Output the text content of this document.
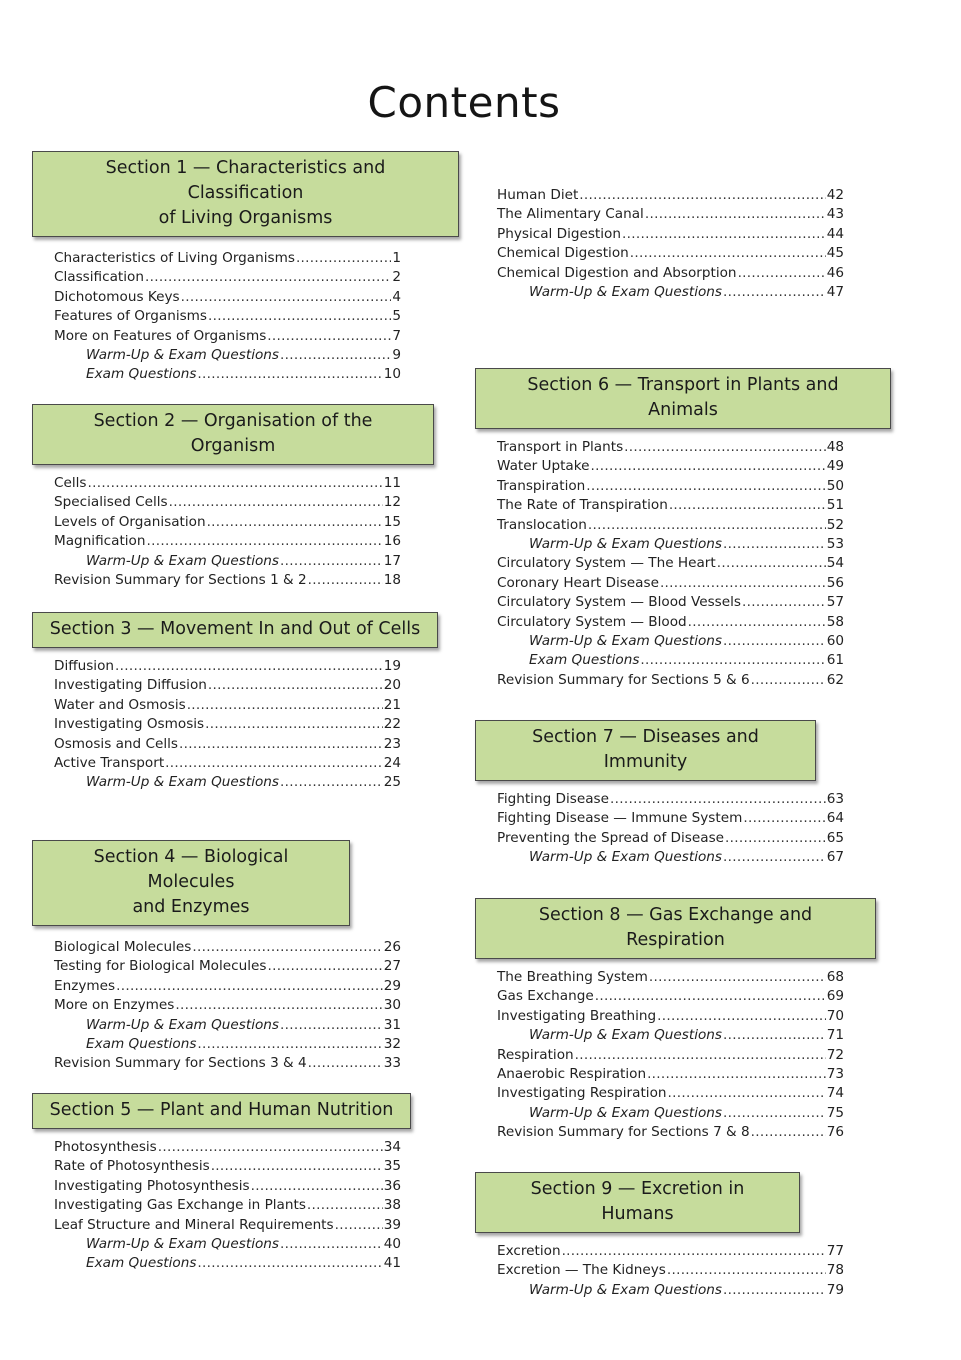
Contents
Section 1 — Characteristics and Classification
of Living Organisms
Characteristics of Living Organisms .....	1
Classification .....	2
Dichotomous Keys .....	4
Features of Organisms .....	5
More on Features of Organisms .....	7
Warm-Up & Exam Questions .....	9
Exam Questions .....	10
Section 2 — Organisation of the Organism
Cells .....	11
Specialised Cells .....	12
Levels of Organisation .....	15
Magnification .....	16
Warm-Up & Exam Questions .....	17
Revision Summary for Sections 1 & 2 .....	18
Section 3 — Movement In and Out of Cells
Diffusion .....	19
Investigating Diffusion .....	20
Water and Osmosis .....	21
Investigating Osmosis .....	22
Osmosis and Cells .....	23
Active Transport .....	24
Warm-Up & Exam Questions .....	25
Section 4 — Biological Molecules
and Enzymes
Biological Molecules .....	26
Testing for Biological Molecules .....	27
Enzymes .....	29
More on Enzymes .....	30
Warm-Up & Exam Questions .....	31
Exam Questions .....	32
Revision Summary for Sections 3 & 4 .....	33
Section 5 — Plant and Human Nutrition
Photosynthesis .....	34
Rate of Photosynthesis .....	35
Investigating Photosynthesis .....	36
Investigating Gas Exchange in Plants .....	38
Leaf Structure and Mineral Requirements .....	39
Warm-Up & Exam Questions .....	40
Exam Questions .....	41
Human Diet .....	42
The Alimentary Canal .....	43
Physical Digestion .....	44
Chemical Digestion .....	45
Chemical Digestion and Absorption .....	46
Warm-Up & Exam Questions .....	47
Section 6 — Transport in Plants and Animals
Transport in Plants .....	48
Water Uptake .....	49
Transpiration .....	50
The Rate of Transpiration .....	51
Translocation .....	52
Warm-Up & Exam Questions .....	53
Circulatory System — The Heart .....	54
Coronary Heart Disease .....	56
Circulatory System — Blood Vessels .....	57
Circulatory System — Blood .....	58
Warm-Up & Exam Questions .....	60
Exam Questions .....	61
Revision Summary for Sections 5 & 6 .....	62
Section 7 — Diseases and Immunity
Fighting Disease .....	63
Fighting Disease — Immune System .....	64
Preventing the Spread of Disease .....	65
Warm-Up & Exam Questions .....	67
Section 8 — Gas Exchange and Respiration
The Breathing System .....	68
Gas Exchange .....	69
Investigating Breathing .....	70
Warm-Up & Exam Questions .....	71
Respiration .....	72
Anaerobic Respiration .....	73
Investigating Respiration .....	74
Warm-Up & Exam Questions .....	75
Revision Summary for Sections 7 & 8 .....	76
Section 9 — Excretion in Humans
Excretion .....	77
Excretion — The Kidneys .....	78
Warm-Up & Exam Questions .....	79
